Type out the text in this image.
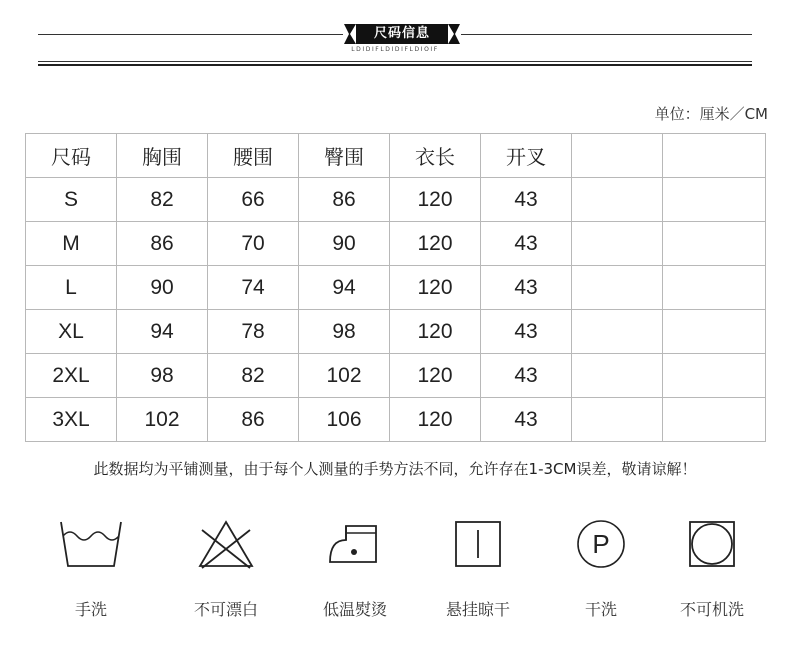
尺码信息
LDIDIFLDIDIFLDIOIF
单位：厘米／CM
尺码	胸围	腰围	臀围	衣长	开叉		
S	82	66	86	120	43		
M	86	70	90	120	43		
L	90	74	94	120	43		
XL	94	78	98	120	43		
2XL	98	82	102	120	43		
3XL	102	86	106	120	43		
此数据均为平铺测量，由于每个人测量的手势方法不同，允许存在1-3CM误差，敬请谅解！
手洗	不可漂白	低温熨烫	悬挂晾干
P
干洗	不可机洗
